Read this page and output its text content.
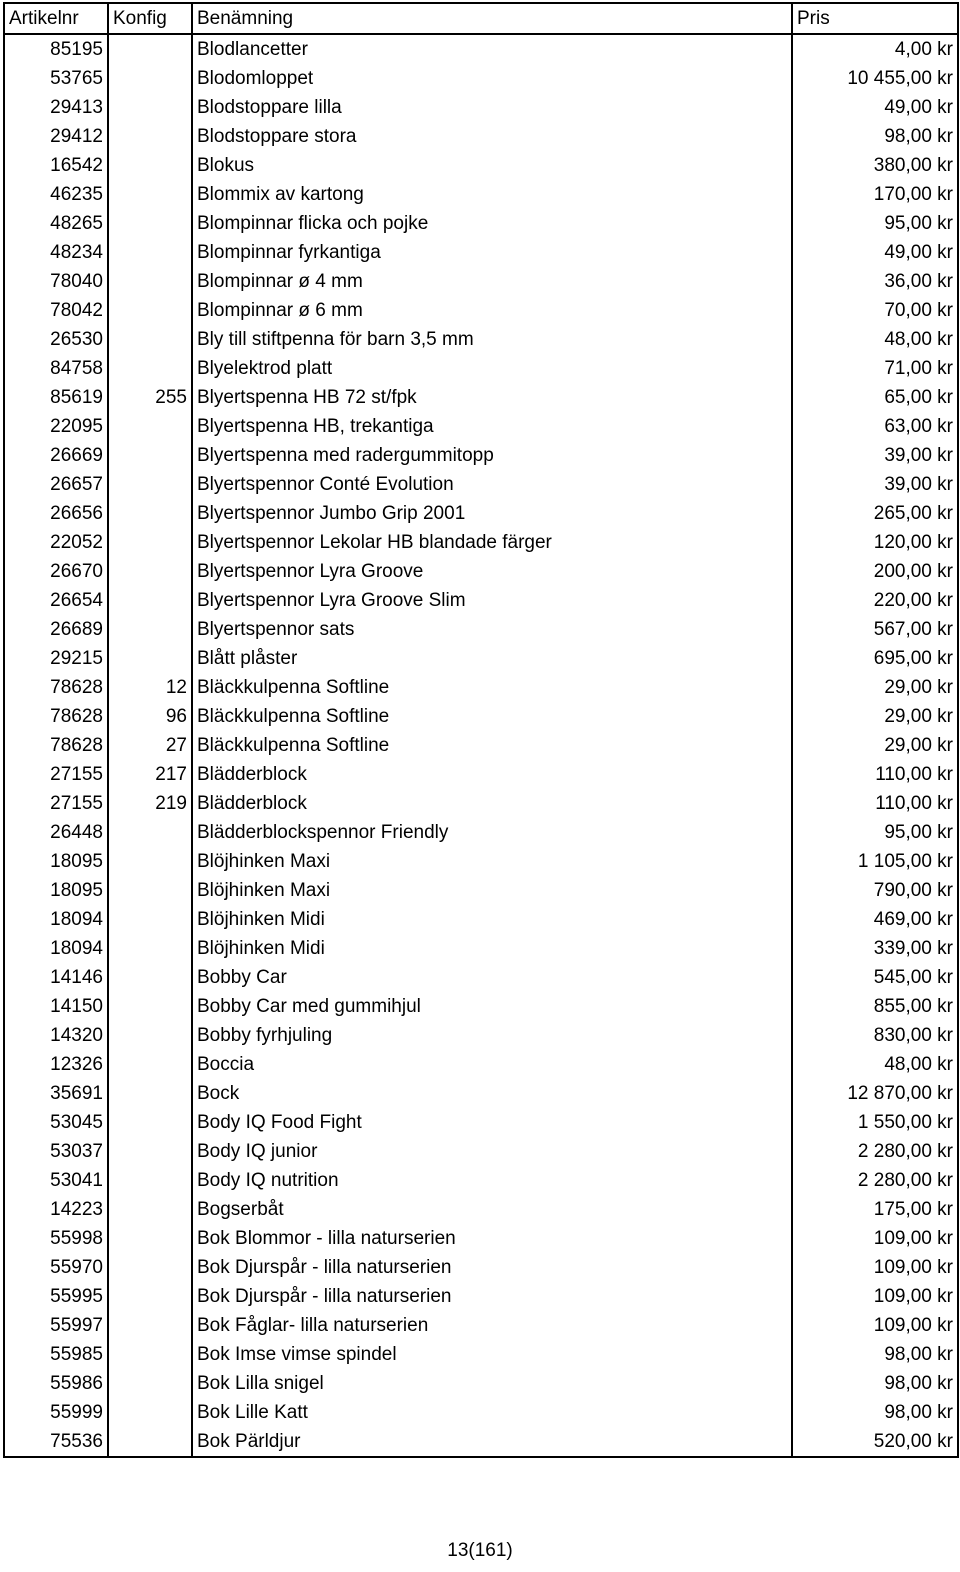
Artikelnr	Konfig	Benämning	Pris
85195		Blodlancetter	4,00 kr
53765		Blodomloppet	10 455,00 kr
29413		Blodstoppare lilla	49,00 kr
29412		Blodstoppare stora	98,00 kr
16542		Blokus	380,00 kr
46235		Blommix av kartong	170,00 kr
48265		Blompinnar flicka och pojke	95,00 kr
48234		Blompinnar fyrkantiga	49,00 kr
78040		Blompinnar ø 4 mm	36,00 kr
78042		Blompinnar ø 6 mm	70,00 kr
26530		Bly till stiftpenna för barn 3,5 mm	48,00 kr
84758		Blyelektrod platt	71,00 kr
85619	255	Blyertspenna HB 72 st/fpk	65,00 kr
22095		Blyertspenna HB, trekantiga	63,00 kr
26669		Blyertspenna med radergummitopp	39,00 kr
26657		Blyertspennor Conté Evolution	39,00 kr
26656		Blyertspennor Jumbo Grip 2001	265,00 kr
22052		Blyertspennor Lekolar HB blandade färger	120,00 kr
26670		Blyertspennor Lyra Groove	200,00 kr
26654		Blyertspennor Lyra Groove Slim	220,00 kr
26689		Blyertspennor sats	567,00 kr
29215		Blått plåster	695,00 kr
78628	12	Bläckkulpenna Softline	29,00 kr
78628	96	Bläckkulpenna Softline	29,00 kr
78628	27	Bläckkulpenna Softline	29,00 kr
27155	217	Blädderblock	110,00 kr
27155	219	Blädderblock	110,00 kr
26448		Blädderblockspennor Friendly	95,00 kr
18095		Blöjhinken Maxi	1 105,00 kr
18095		Blöjhinken Maxi	790,00 kr
18094		Blöjhinken Midi	469,00 kr
18094		Blöjhinken Midi	339,00 kr
14146		Bobby Car	545,00 kr
14150		Bobby Car med gummihjul	855,00 kr
14320		Bobby fyrhjuling	830,00 kr
12326		Boccia	48,00 kr
35691		Bock	12 870,00 kr
53045		Body IQ Food Fight	1 550,00 kr
53037		Body IQ junior	2 280,00 kr
53041		Body IQ nutrition	2 280,00 kr
14223		Bogserbåt	175,00 kr
55998		Bok Blommor - lilla naturserien	109,00 kr
55970		Bok Djurspår - lilla naturserien	109,00 kr
55995		Bok Djurspår - lilla naturserien	109,00 kr
55997		Bok Fåglar- lilla naturserien	109,00 kr
55985		Bok Imse vimse spindel	98,00 kr
55986		Bok Lilla snigel	98,00 kr
55999		Bok Lille Katt	98,00 kr
75536		Bok Pärldjur	520,00 kr
13(161)
